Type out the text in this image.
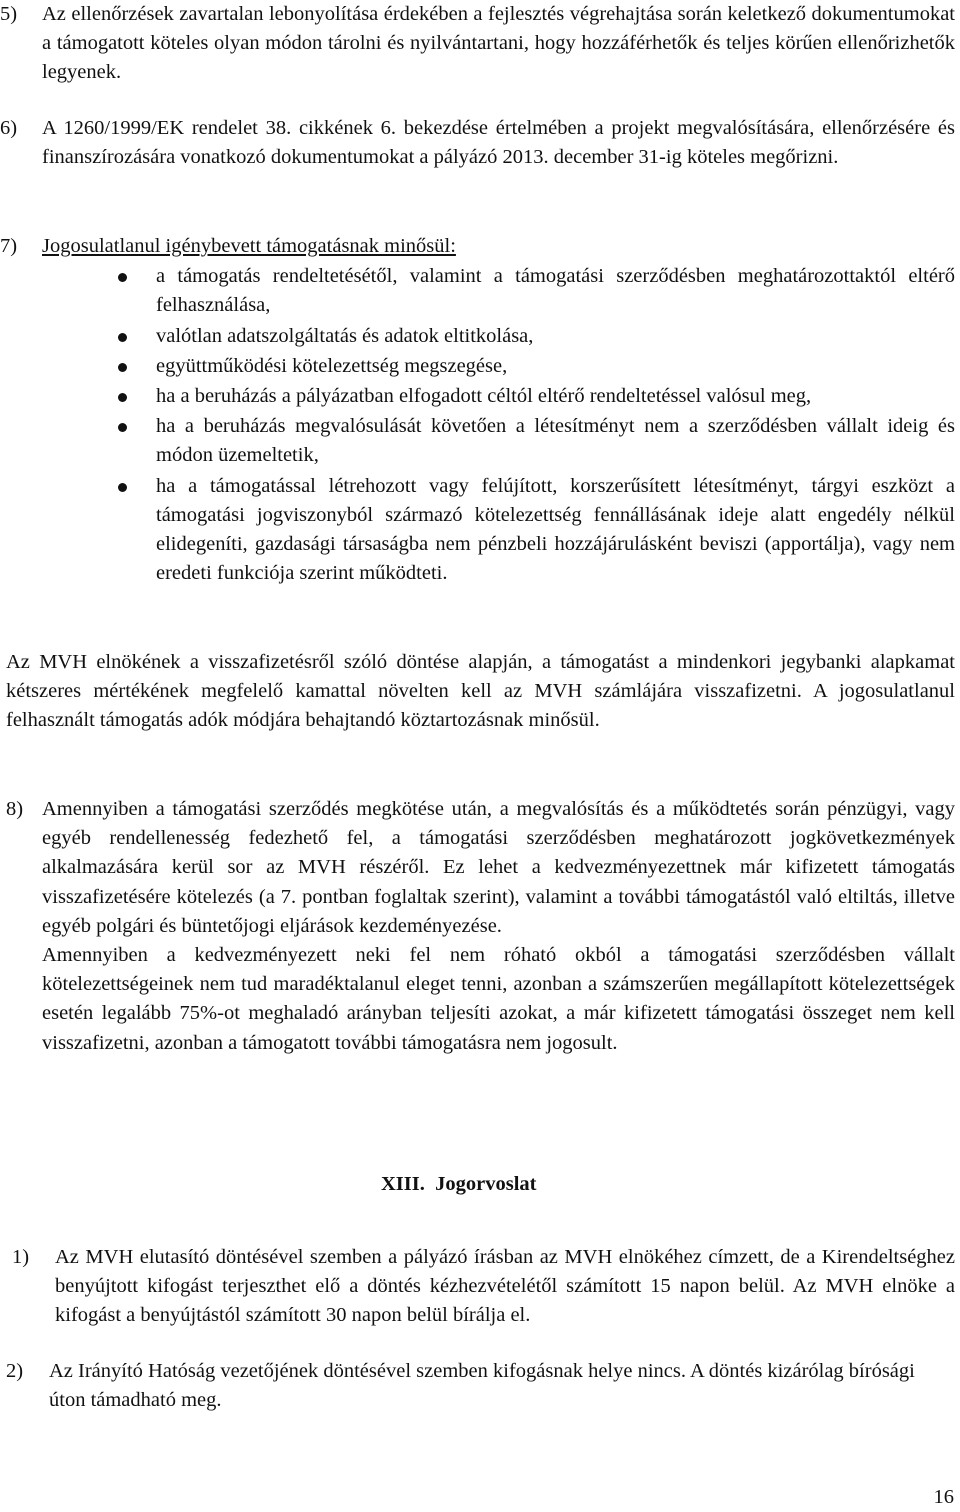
5)	Az ellenőrzések zavartalan lebonyolítása érdekében a fejlesztés végrehajtása során keletkező dokumentumokat a támogatott köteles olyan módon tárolni és nyilvántartani, hogy hozzáférhetők és teljes körűen ellenőrizhetők legyenek.
6)	A 1260/1999/EK rendelet 38. cikkének 6. bekezdése értelmében a projekt megvalósítására, ellenőrzésére és finanszírozására vonatkozó dokumentumokat a pályázó 2013. december 31-ig köteles megőrizni.
7)	Jogosulatlanul igénybevett támogatásnak minősül:
a támogatás rendeltetésétől, valamint a támogatási szerződésben meghatározottaktól eltérő felhasználása,
valótlan adatszolgáltatás és adatok eltitkolása,
együttműködési kötelezettség megszegése,
ha a beruházás a pályázatban elfogadott céltól eltérő rendeltetéssel valósul meg,
ha a beruházás megvalósulását követően a létesítményt nem a szerződésben vállalt ideig és módon üzemeltetik,
ha a támogatással létrehozott vagy felújított, korszerűsített létesítményt, tárgyi eszközt a támogatási jogviszonyból származó kötelezettség fennállásának ideje alatt engedély nélkül elidegeníti, gazdasági társaságba nem pénzbeli hozzájárulásként beviszi (apportálja), vagy nem eredeti funkciója szerint működteti.
Az MVH elnökének a visszafizetésről szóló döntése alapján, a támogatást a mindenkori jegybanki alapkamat kétszeres mértékének megfelelő kamattal növelten kell az MVH számlájára visszafizetni. A jogosulatlanul felhasznált támogatás adók módjára behajtandó köztartozásnak minősül.
8) Amennyiben a támogatási szerződés megkötése után, a megvalósítás és a működtetés során pénzügyi, vagy egyéb rendellenesség fedezhető fel, a támogatási szerződésben meghatározott jogkövetkezmények alkalmazására kerül sor az MVH részéről. Ez lehet a kedvezményezettnek már kifizetett támogatás visszafizetésére kötelezés (a 7. pontban foglaltak szerint), valamint a további támogatástól való eltiltás, illetve egyéb polgári és büntetőjogi eljárások kezdeményezése.
Amennyiben a kedvezményezett neki fel nem róható okból a támogatási szerződésben vállalt kötelezettségeinek nem tud maradéktalanul eleget tenni, azonban a számszerűen megállapított kötelezettségek esetén legalább 75%-ot meghaladó arányban teljesíti azokat, a már kifizetett támogatási összeget nem kell visszafizetni, azonban a támogatott további támogatásra nem jogosult.
XIII. Jogorvoslat
1)	Az MVH elutasító döntésével szemben a pályázó írásban az MVH elnökéhez címzett, de a Kirendeltséghez benyújtott kifogást terjeszthet elő a döntés kézhezvételétől számított 15 napon belül. Az MVH elnöke a kifogást a benyújtástól számított 30 napon belül bírálja el.
2)	Az Irányító Hatóság vezetőjének döntésével szemben kifogásnak helye nincs. A döntés kizárólag bírósági úton támadható meg.
16
